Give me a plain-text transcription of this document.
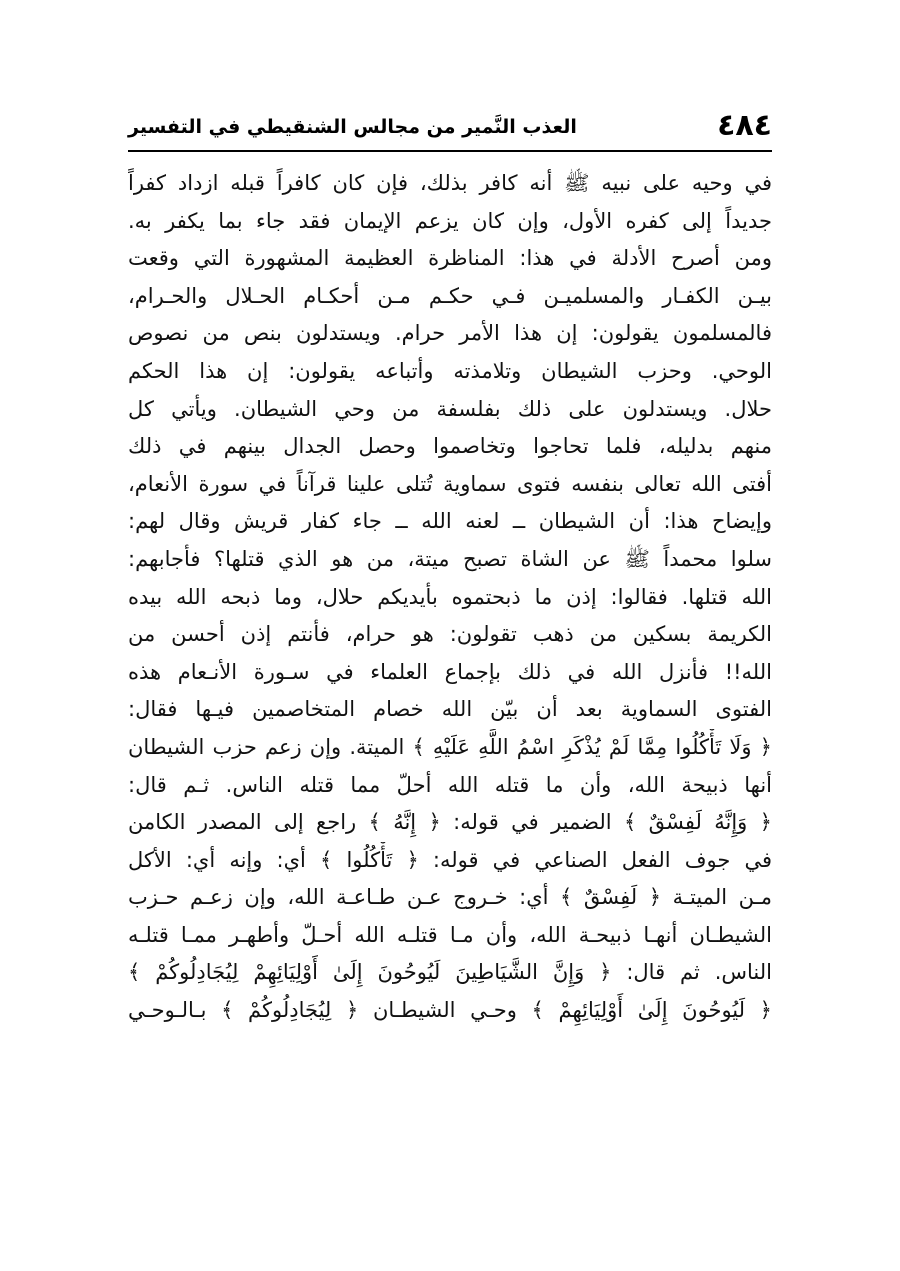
٤٨٤
العذب النَّمير من مجالس الشنقيطي في التفسير
في وحيه على نبيه ﷺ أنه كافر بذلك، فإن كان كافراً قبله ازداد كفراً
جديداً إلى كفره الأول، وإن كان يزعم الإيمان فقد جاء بما يكفر به.
ومن أصرح الأدلة في هذا: المناظرة العظيمة المشهورة التي وقعت
بيـن الكفـار والمسلميـن فـي حكـم مـن أحكـام الحـلال والحـرام،
فالمسلمون يقولون: إن هذا الأمر حرام. ويستدلون بنص من نصوص
الوحي. وحزب الشيطان وتلامذته وأتباعه يقولون: إن هذا الحكم
حلال. ويستدلون على ذلك بفلسفة من وحي الشيطان. ويأتي كل
منهم بدليله، فلما تحاجوا وتخاصموا وحصل الجدال بينهم في ذلك
أفتى الله تعالى بنفسه فتوى سماوية تُتلى علينا قرآناً في سورة الأنعام،
وإيضاح هذا: أن الشيطان ــ لعنه الله ــ جاء كفار قريش وقال لهم:
سلوا محمداً ﷺ عن الشاة تصبح ميتة، من هو الذي قتلها؟ فأجابهم:
الله قتلها. فقالوا: إذن ما ذبحتموه بأيديكم حلال، وما ذبحه الله بيده
الكريمة بسكين من ذهب تقولون: هو حرام، فأنتم إذن أحسن من
الله!! فأنزل الله في ذلك بإجماع العلماء في سـورة الأنـعام هذه
الفتوى السماوية بعد أن بيّن الله خصام المتخاصمين فيـها فقال:
﴿ وَلَا تَأْكُلُوا مِمَّا لَمْ يُذْكَرِ اسْمُ اللَّهِ عَلَيْهِ ﴾ الميتة. وإن زعم حزب الشيطان
أنها ذبيحة الله، وأن ما قتله الله أحلّ مما قتله الناس. ثـم قال:
﴿ وَإِنَّهُ لَفِسْقٌ ﴾ الضمير في قوله: ﴿ إِنَّهُ ﴾ راجع إلى المصدر الكامن
في جوف الفعل الصناعي في قوله: ﴿ تَأْكُلُوا ﴾ أي: وإنه أي: الأكل
مـن الميتـة ﴿ لَفِسْقٌ ﴾ أي: خـروج عـن طـاعـة الله، وإن زعـم حـزب
الشيطـان أنهـا ذبيحـة الله، وأن مـا قتلـه الله أحـلّ وأطهـر ممـا قتلـه
الناس. ثم قال: ﴿ وَإِنَّ الشَّيَاطِينَ لَيُوحُونَ إِلَىٰ أَوْلِيَائِهِمْ لِيُجَادِلُوكُمْ ﴾
﴿ لَيُوحُونَ إِلَىٰ أَوْلِيَائِهِمْ ﴾ وحـي الشيطـان ﴿ لِيُجَادِلُوكُمْ ﴾ بـالـوحـي
